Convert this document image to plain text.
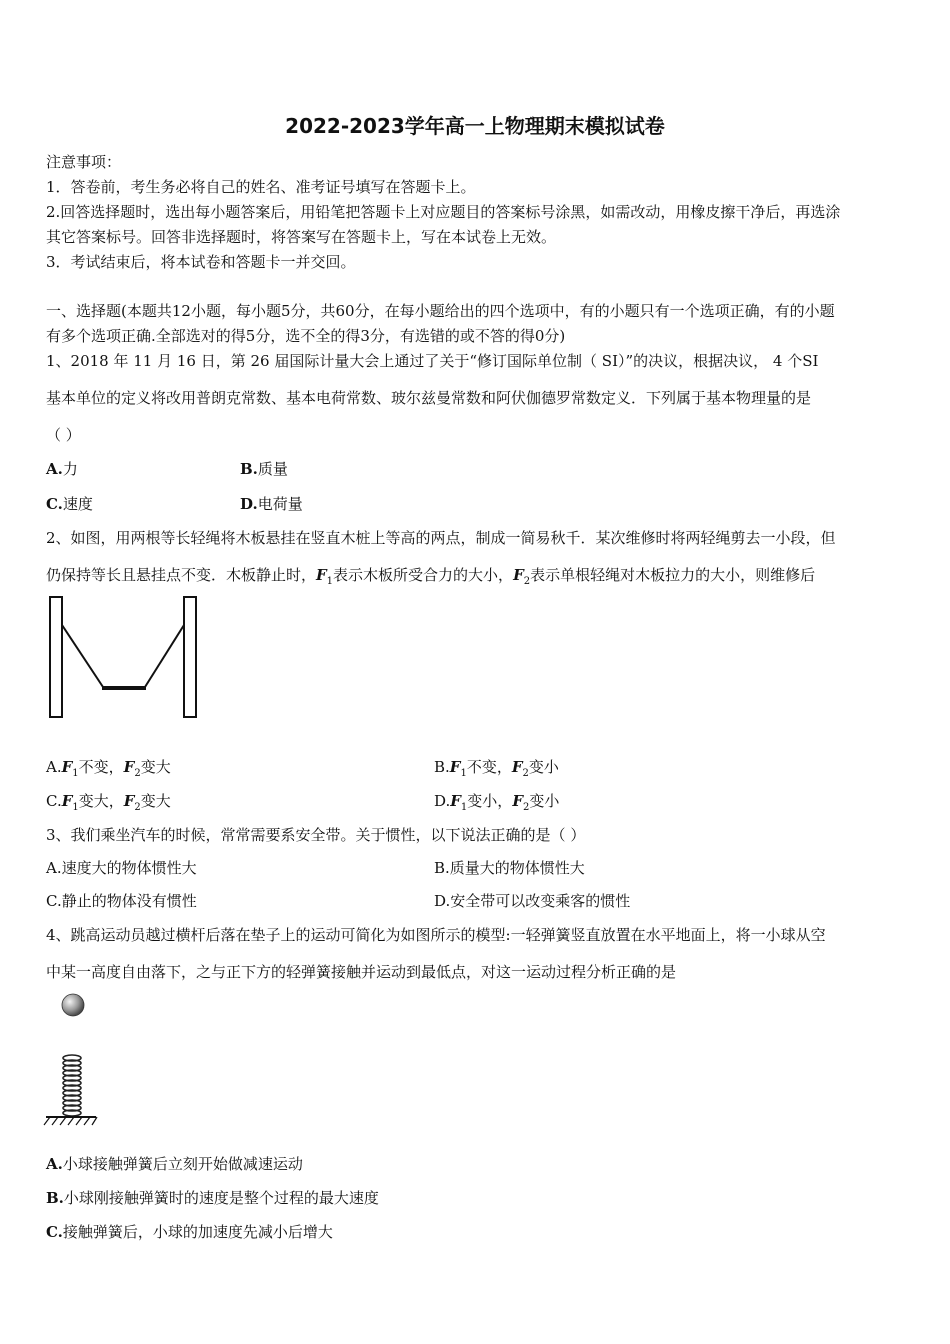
2022-2023学年高一上物理期末模拟试卷
注意事项：
1．答卷前，考生务必将自己的姓名、准考证号填写在答题卡上。
2.回答选择题时，选出每小题答案后，用铅笔把答题卡上对应题目的答案标号涂黑，如需改动，用橡皮擦干净后，再选涂
其它答案标号。回答非选择题时，将答案写在答题卡上，写在本试卷上无效。
3．考试结束后，将本试卷和答题卡一并交回。
一、选择题(本题共12小题，每小题5分，共60分，在每小题给出的四个选项中，有的小题只有一个选项正确，有的小题
有多个选项正确.全部选对的得5分，选不全的得3分，有选错的或不答的得0分)
1、2018 年 11 月 16 日，第 26 届国际计量大会上通过了关于“修订国际单位制（ SI）”的决议，根据决议， 4 个SI
基本单位的定义将改用普朗克常数、基本电荷常数、玻尔兹曼常数和阿伏伽德罗常数定义．下列属于基本物理量的是
（ ）
A.力	B.质量
C.速度	D.电荷量
2、如图，用两根等长轻绳将木板悬挂在竖直木桩上等高的两点，制成一简易秋千．某次维修时将两轻绳剪去一小段，但
仍保持等长且悬挂点不变．木板静止时，$F_1$表示木板所受合力的大小，$F_2$表示单根轻绳对木板拉力的大小，则维修后
$A.F_1$不变，$F_2$变大	$B.F_1$不变，$F_2$变小
$C.F_1$变大，$F_2$变大	$D.F_1$变小，$F_2$变小
3、我们乘坐汽车的时候，常常需要系安全带。关于惯性，以下说法正确的是（ ）
A.速度大的物体惯性大	B.质量大的物体惯性大
C.静止的物体没有惯性	D.安全带可以改变乘客的惯性
4、跳高运动员越过横杆后落在垫子上的运动可简化为如图所示的模型:一轻弹簧竖直放置在水平地面上，将一小球从空
中某一高度自由落下，之与正下方的轻弹簧接触并运动到最低点，对这一运动过程分析正确的是
A.小球接触弹簧后立刻开始做减速运动
B.小球刚接触弹簧时的速度是整个过程的最大速度
C.接触弹簧后，小球的加速度先减小后增大
